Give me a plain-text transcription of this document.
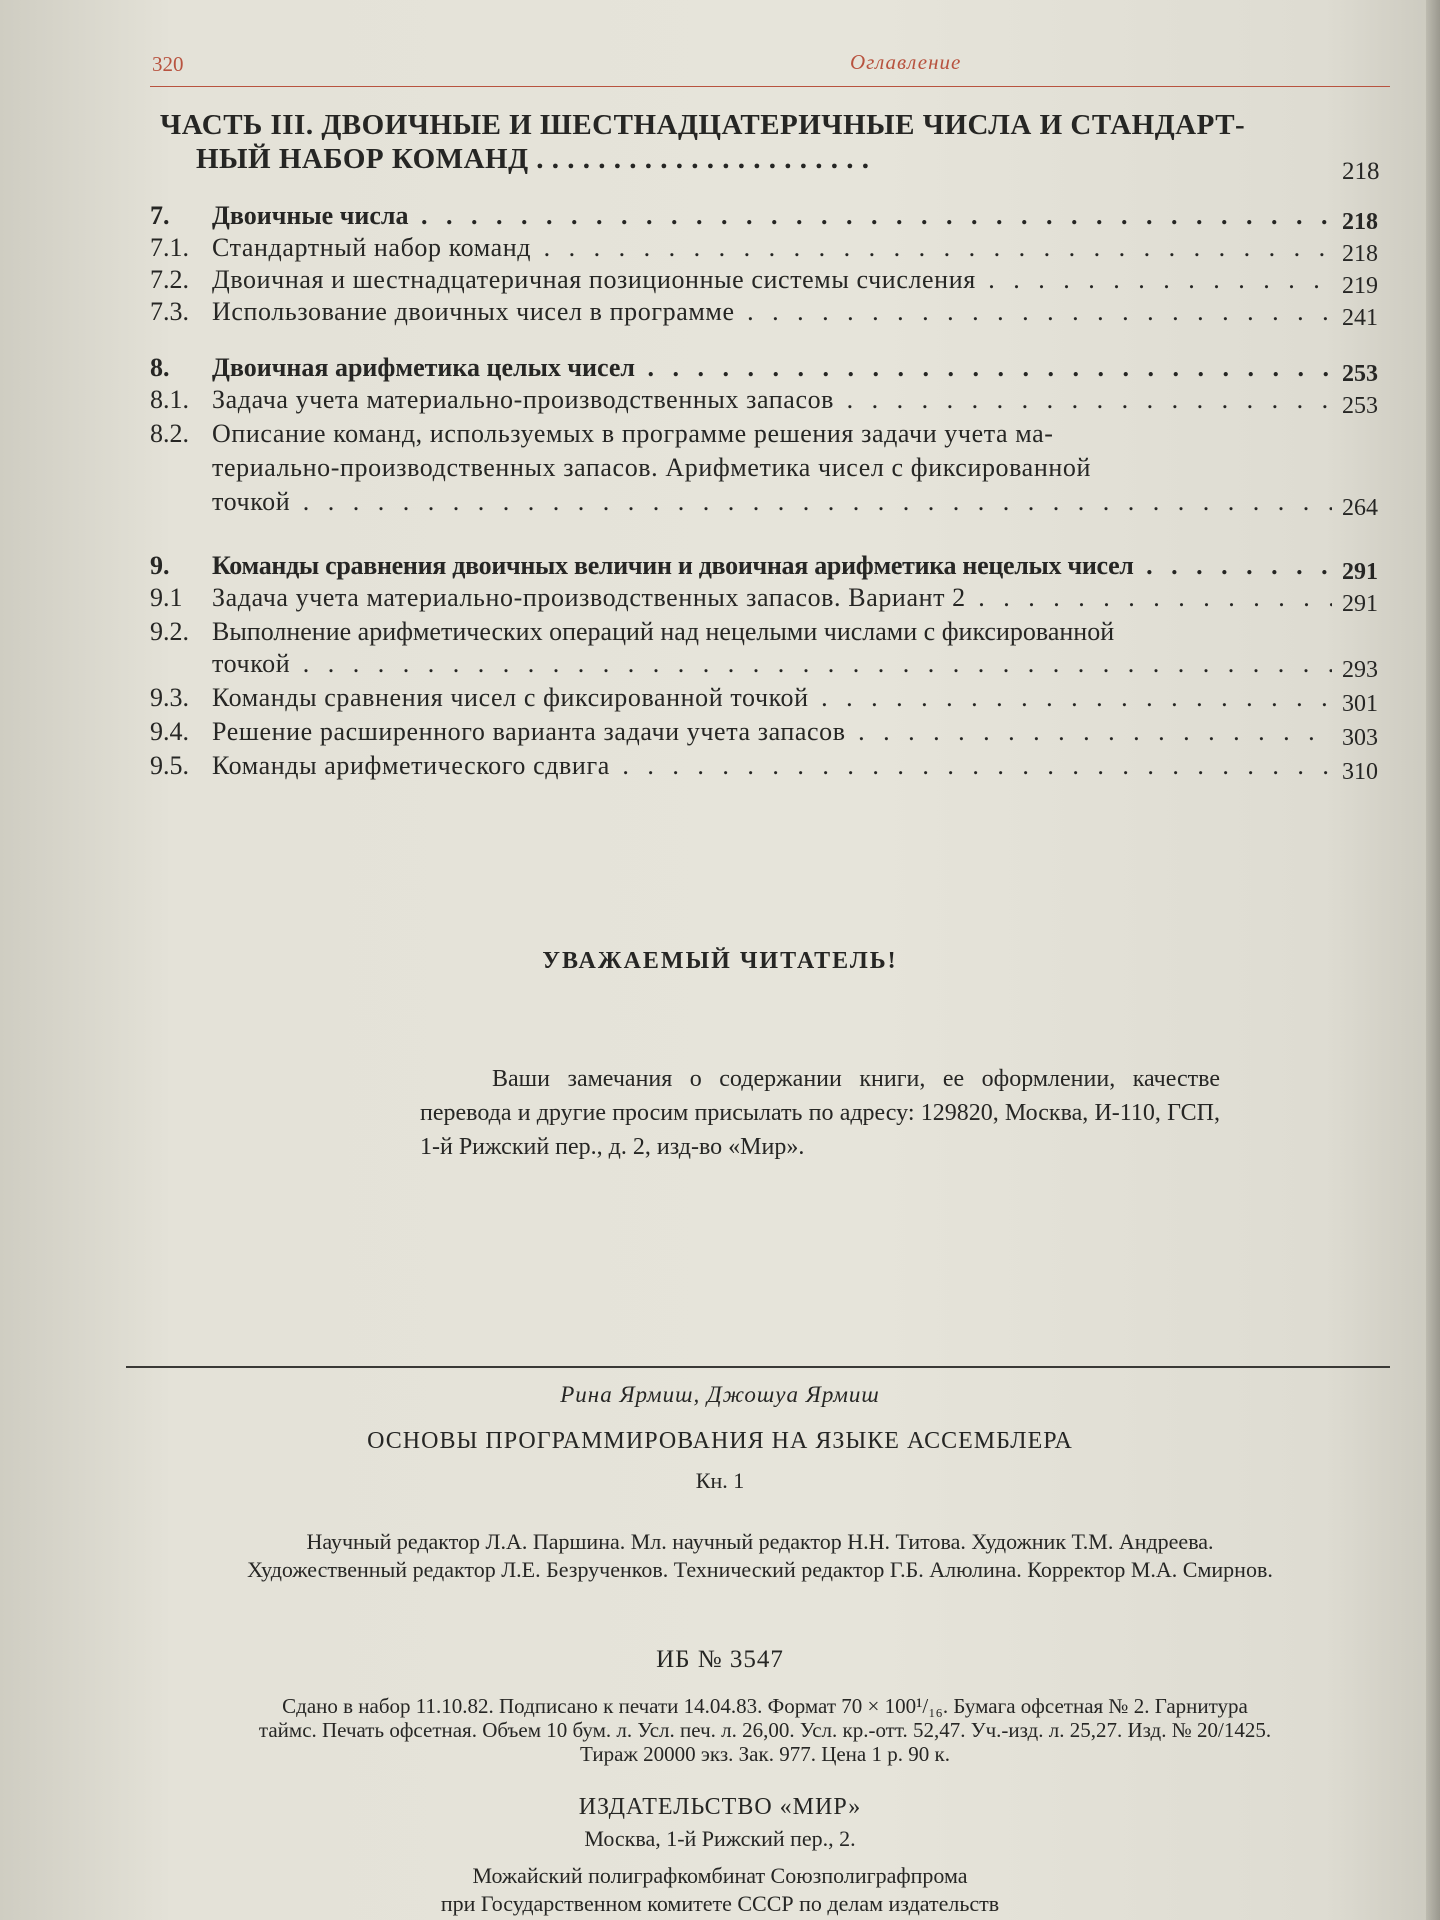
320	Оглавление
ЧАСТЬ III. ДВОИЧНЫЕ И ШЕСТНАДЦАТЕРИЧНЫЕ ЧИСЛА И СТАНДАРТ-
НЫЙ НАБОР КОМАНД . . . . . . . . . . . . . . . . . . . . . .	218
7.	Двоичные числа . . .	218
7.1. Стандартный набор команд . . .	218
7.2. Двоичная и шестнадцатеричная позиционные системы счисления . . .	219
7.3. Использование двоичных чисел в программе . . .	241
8.	Двоичная арифметика целых чисел . . .	253
8.1. Задача учета материально-производственных запасов . . .	253
8.2. Описание команд, используемых в программе решения задачи учета ма-
териально-производственных запасов. Арифметика чисел с фиксированной
точкой . . .	264
9.	Команды сравнения двоичных величин и двоичная арифметика нецелых чисел . . .	291
9.1	Задача учета материально-производственных запасов. Вариант 2 . . .	291
9.2. Выполнение арифметических операций над нецелыми числами с фиксированной
точкой . . .	293
9.3. Команды сравнения чисел с фиксированной точкой . . .	301
9.4. Решение расширенного варианта задачи учета запасов . . .	303
9.5. Команды арифметического сдвига . . .	310
УВАЖАЕМЫЙ ЧИТАТЕЛЬ!
Ваши замечания о содержании книги, ее оформлении, качестве перевода и другие просим присылать по адресу: 129820, Москва, И-110, ГСП, 1-й Рижский пер., д. 2, изд-во «Мир».
Рина Ярмиш, Джошуа Ярмиш
ОСНОВЫ ПРОГРАММИРОВАНИЯ НА ЯЗЫКЕ АССЕМБЛЕРА
Кн. 1
Научный редактор Л.А. Паршина. Мл. научный редактор Н.Н. Титова. Художник Т.М. Андреева.
Художественный редактор Л.Е. Безрученков. Технический редактор Г.Б. Алюлина. Корректор М.А. Смирнов.
ИБ № 3547
Сдано в набор 11.10.82. Подписано к печати 14.04.83. Формат 70 × 100¹/₁₆. Бумага офсетная № 2. Гарнитура
таймс. Печать офсетная. Объем 10 бум. л. Усл. печ. л. 26,00. Усл. кр.-отт. 52,47. Уч.-изд. л. 25,27. Изд. № 20/1425.
Тираж 20000 экз. Зак. 977. Цена 1 р. 90 к.
ИЗДАТЕЛЬСТВО «МИР»
Москва, 1-й Рижский пер., 2.
Можайский полиграфкомбинат Союзполиграфпрома
при Государственном комитете СССР по делам издательств
